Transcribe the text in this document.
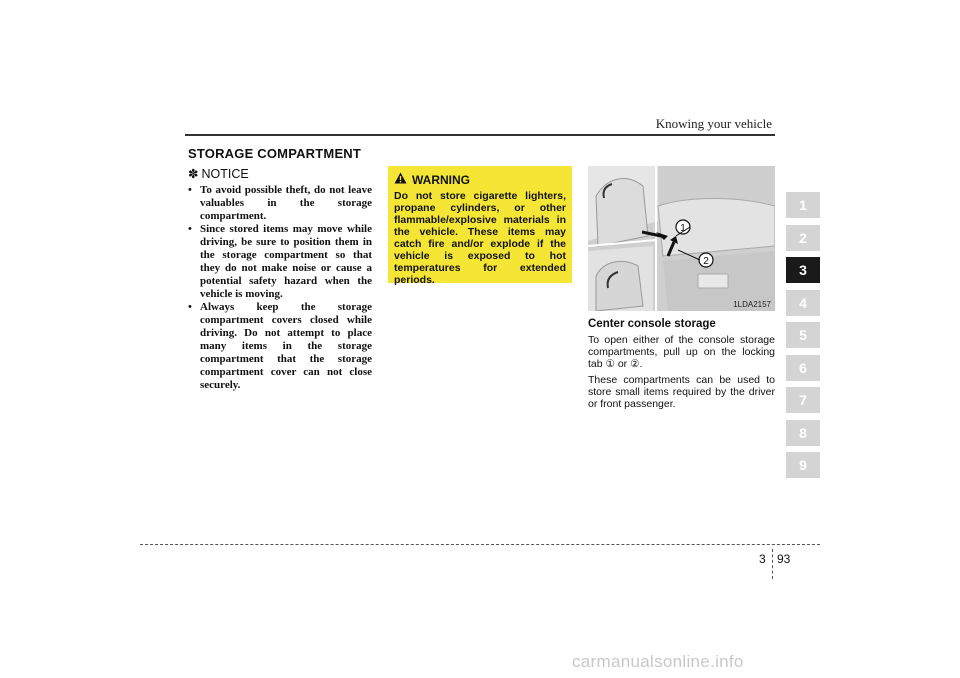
Knowing your vehicle
STORAGE COMPARTMENT
✽ NOTICE
• To avoid possible theft, do not leave valuables in the storage compartment.
• Since stored items may move while driving, be sure to position them in the storage compartment so that they do not make noise or cause a potential safety hazard when the vehicle is moving.
• Always keep the storage compartment covers closed while driving. Do not attempt to place many items in the storage compartment that the storage compartment cover can not close securely.
WARNING
Do not store cigarette lighters, propane cylinders, or other flammable/explosive materials in the vehicle. These items may catch fire and/or explode if the vehicle is exposed to hot temperatures for extended periods.
1
2
1LDA2157
Center console storage

To open either of the console storage compartments, pull up on the locking tab ① or ②.

These compartments can be used to store small items required by the driver or front passenger.

1
2
3
4
5
6
7
8
9
3 93
carmanualsonline.info
